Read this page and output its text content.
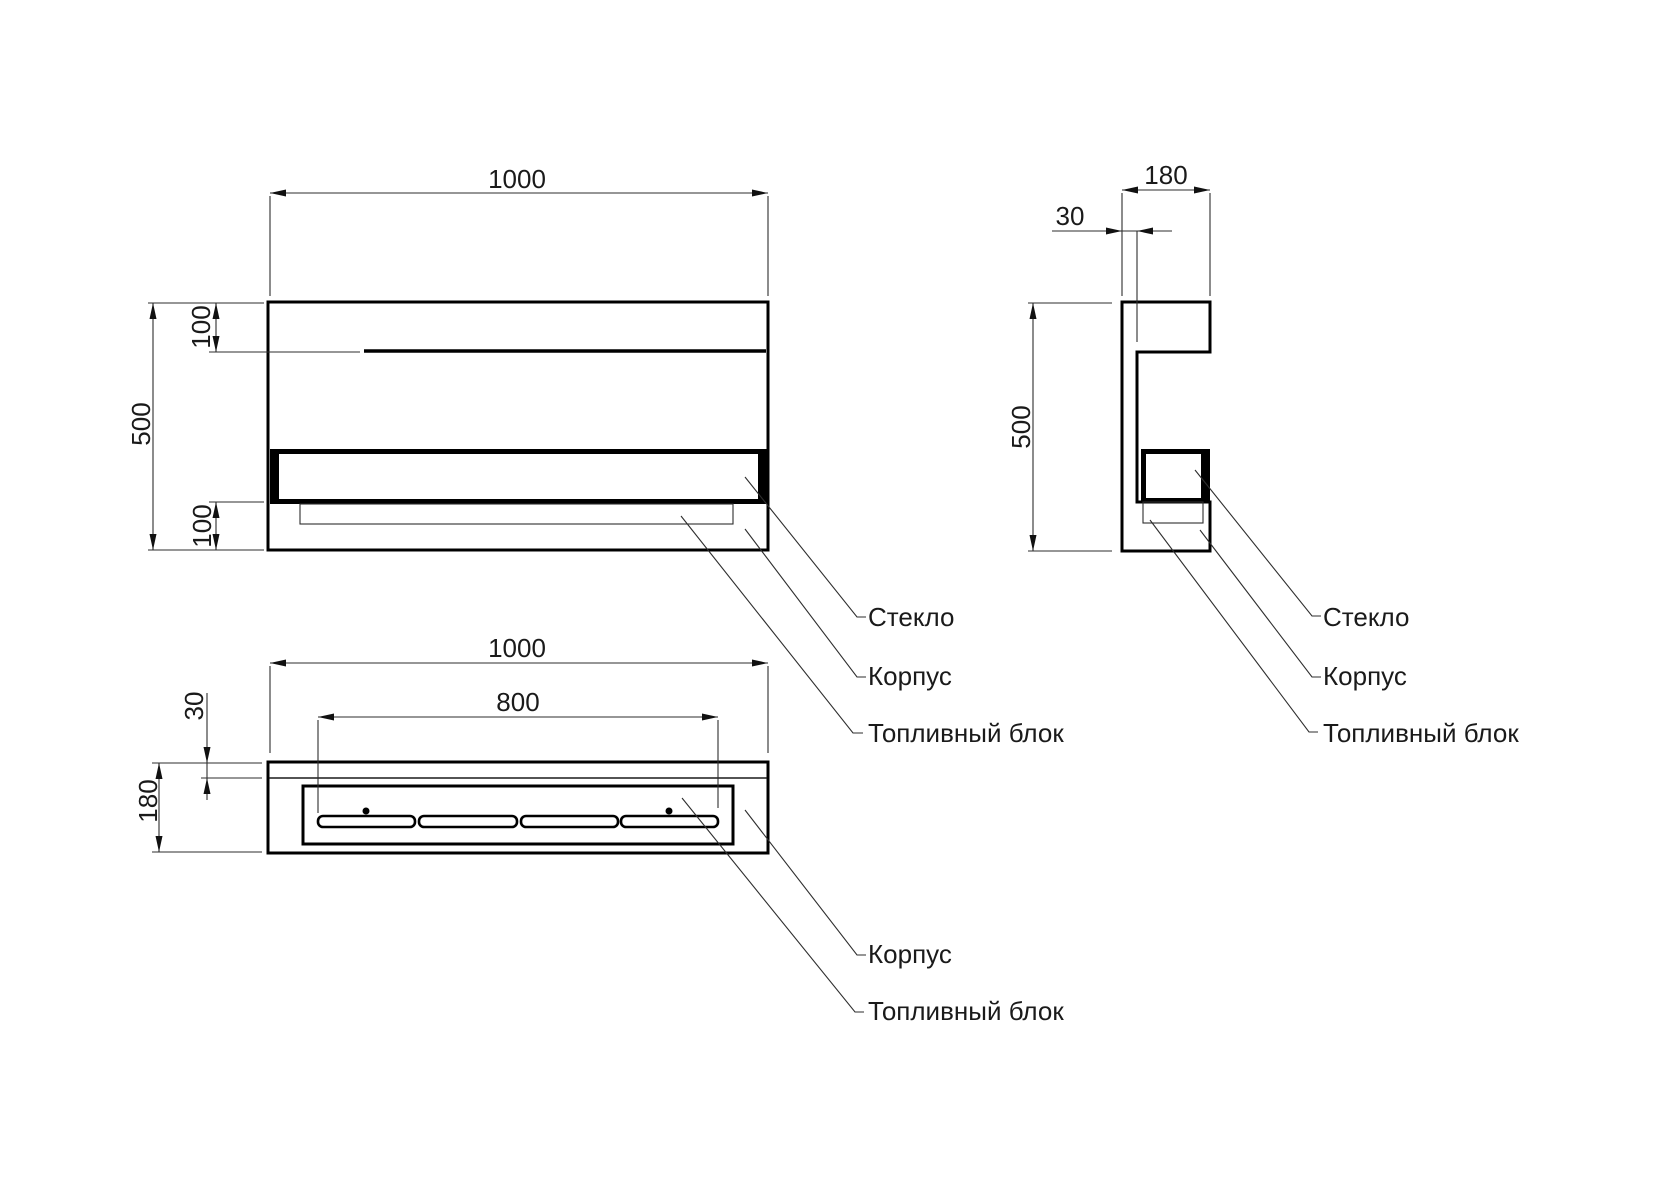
1000
500
100
100
Стекло
Корпус
Топливный блок
180
30
500
Стекло
Корпус
Топливный блок
1000
800
30
180
Корпус
Топливный блок
